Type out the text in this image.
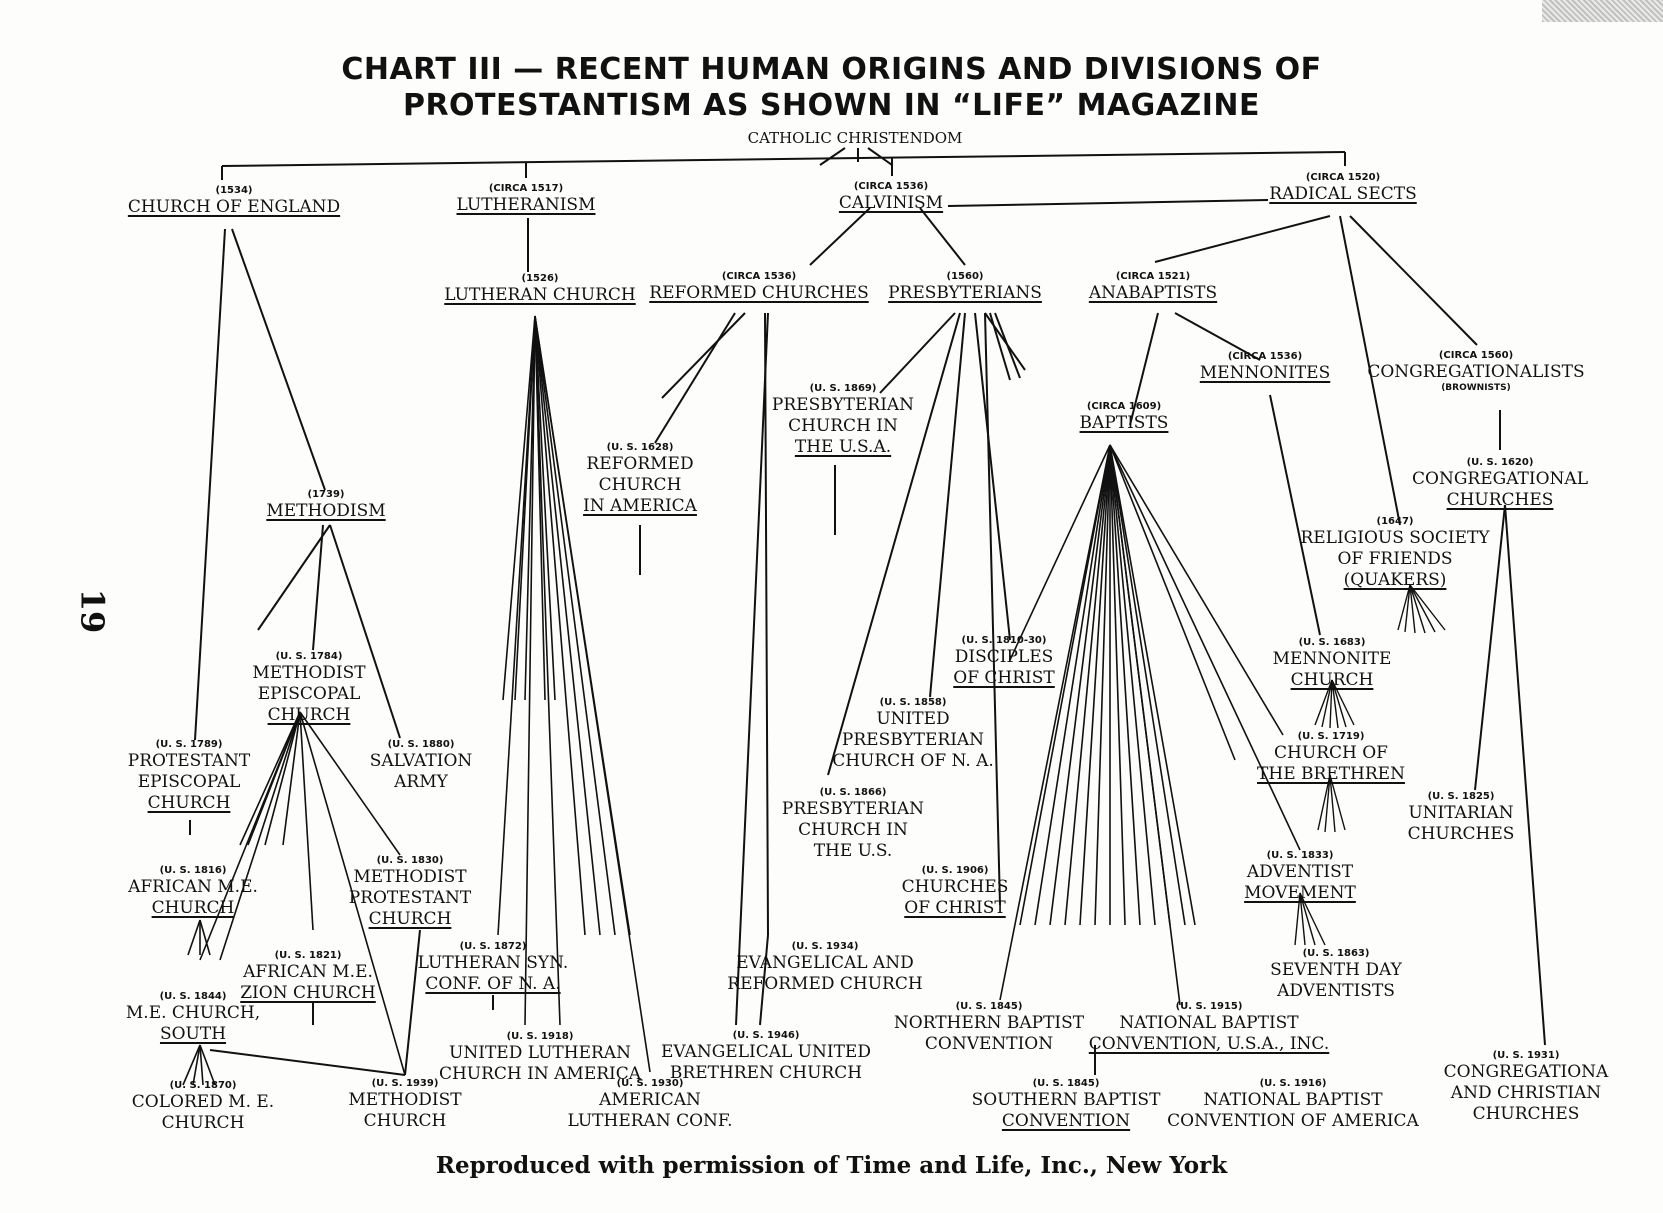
CHART III — RECENT HUMAN ORIGINS AND DIVISIONS OF
PROTESTANTISM AS SHOWN IN “LIFE” MAGAZINE
19
CATHOLIC CHRISTENDOM
(1534)
CHURCH OF ENGLAND
(CIRCA 1517)
LUTHERANISM
(CIRCA 1536)
CALVINISM
(CIRCA 1520)
RADICAL SECTS
(1526)
LUTHERAN CHURCH
(CIRCA 1536)
REFORMED CHURCHES
(1560)
PRESBYTERIANS
(CIRCA 1521)
ANABAPTISTS
(CIRCA 1536)
MENNONITES
(CIRCA 1560)
CONGREGATIONALISTS
(BROWNISTS)
(U. S. 1869)
PRESBYTERIAN
CHURCH IN
THE U.S.A.
(U. S. 1628)
REFORMED
CHURCH
IN AMERICA
(CIRCA 1609)
BAPTISTS
(U. S. 1620)
CONGREGATIONAL
CHURCHES
(1739)
METHODISM
(1647)
RELIGIOUS SOCIETY
OF FRIENDS
(QUAKERS)
(U. S. 1810-30)
DISCIPLES
OF CHRIST
(U. S. 1683)
MENNONITE
CHURCH
(U. S. 1784)
METHODIST
EPISCOPAL
CHURCH
(U. S. 1858)
UNITED
PRESBYTERIAN
CHURCH OF N. A.
(U. S. 1880)
SALVATION
ARMY
(U. S. 1719)
CHURCH OF
THE BRETHREN
(U. S. 1789)
PROTESTANT
EPISCOPAL
CHURCH
(U. S. 1866)
PRESBYTERIAN
CHURCH IN
THE U.S.
(U. S. 1825)
UNITARIAN
CHURCHES
(U. S. 1833)
ADVENTIST
MOVEMENT
(U. S. 1816)
AFRICAN M.E.
CHURCH
(U. S. 1830)
METHODIST
PROTESTANT
CHURCH
(U. S. 1906)
CHURCHES
OF CHRIST
(U. S. 1872)
LUTHERAN SYN.
CONF. OF N. A.
(U. S. 1934)
EVANGELICAL AND
REFORMED CHURCH
(U. S. 1863)
SEVENTH DAY
ADVENTISTS
(U. S. 1821)
AFRICAN M.E.
ZION CHURCH
(U. S. 1844)
M.E. CHURCH,
SOUTH
(U. S. 1845)
NORTHERN BAPTIST
CONVENTION
(U. S. 1915)
NATIONAL BAPTIST
CONVENTION, U.S.A., INC.
(U. S. 1918)
UNITED LUTHERAN
CHURCH IN AMERICA
(U. S. 1946)
EVANGELICAL UNITED
BRETHREN CHURCH
(U. S. 1931)
CONGREGATIONA
AND CHRISTIAN
CHURCHES
(U. S. 1870)
COLORED M. E.
CHURCH
(U. S. 1939)
METHODIST
CHURCH
(U. S. 1930)
AMERICAN
LUTHERAN CONF.
(U. S. 1845)
SOUTHERN BAPTIST
CONVENTION
(U. S. 1916)
NATIONAL BAPTIST
CONVENTION OF AMERICA
Reproduced with permission of Time and Life, Inc., New York
